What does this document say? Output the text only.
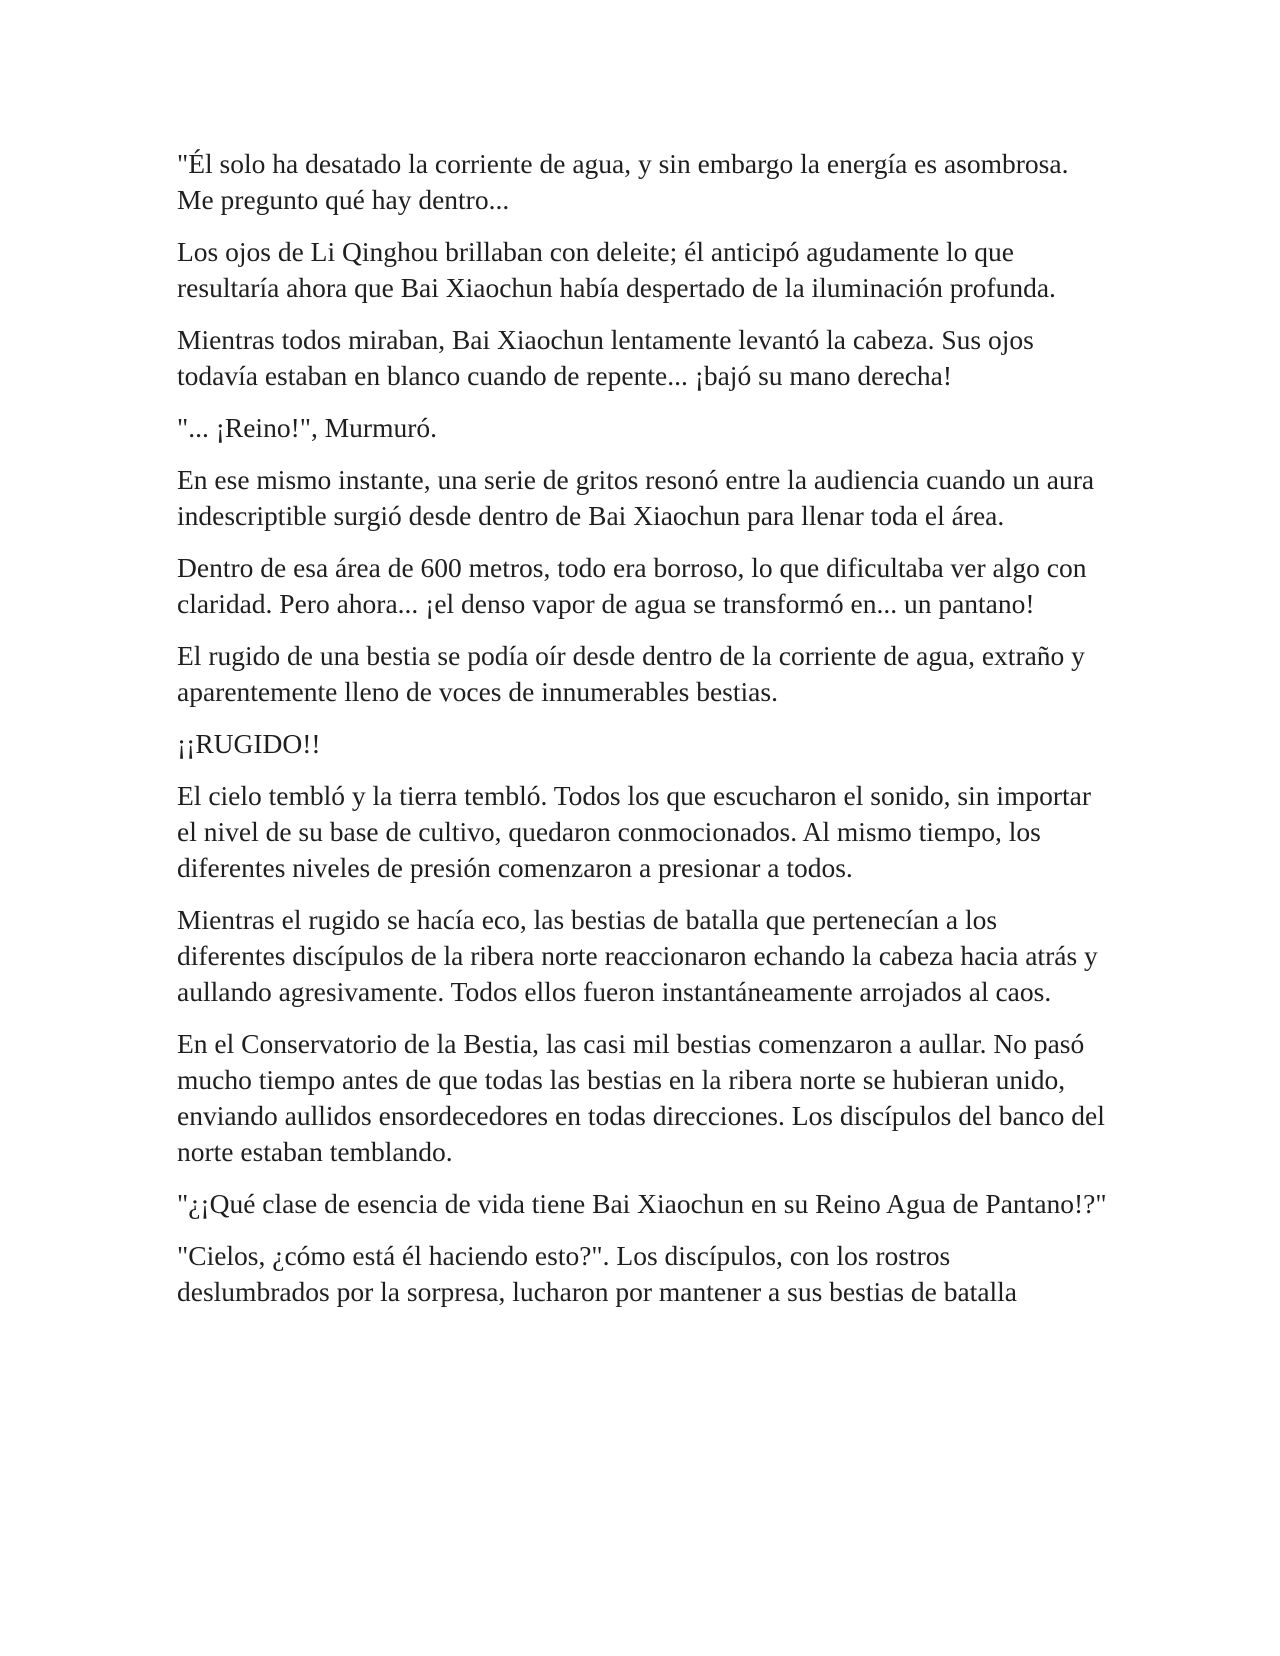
"Él solo ha desatado la corriente de agua, y sin embargo la energía es asombrosa. Me pregunto qué hay dentro...

Los ojos de Li Qinghou brillaban con deleite; él anticipó agudamente lo que resultaría ahora que Bai Xiaochun había despertado de la iluminación profunda.

Mientras todos miraban, Bai Xiaochun lentamente levantó la cabeza. Sus ojos todavía estaban en blanco cuando de repente... ¡bajó su mano derecha!

"... ¡Reino!", Murmuró.

En ese mismo instante, una serie de gritos resonó entre la audiencia cuando un aura indescriptible surgió desde dentro de Bai Xiaochun para llenar toda el área.

Dentro de esa área de 600 metros, todo era borroso, lo que dificultaba ver algo con claridad. Pero ahora... ¡el denso vapor de agua se transformó en... un pantano!

El rugido de una bestia se podía oír desde dentro de la corriente de agua, extraño y aparentemente lleno de voces de innumerables bestias.

¡¡RUGIDO!!

El cielo tembló y la tierra tembló. Todos los que escucharon el sonido, sin importar el nivel de su base de cultivo, quedaron conmocionados. Al mismo tiempo, los diferentes niveles de presión comenzaron a presionar a todos.

Mientras el rugido se hacía eco, las bestias de batalla que pertenecían a los diferentes discípulos de la ribera norte reaccionaron echando la cabeza hacia atrás y aullando agresivamente. Todos ellos fueron instantáneamente arrojados al caos.

En el Conservatorio de la Bestia, las casi mil bestias comenzaron a aullar. No pasó mucho tiempo antes de que todas las bestias en la ribera norte se hubieran unido, enviando aullidos ensordecedores en todas direcciones. Los discípulos del banco del norte estaban temblando.

"¿¡Qué clase de esencia de vida tiene Bai Xiaochun en su Reino Agua de Pantano!?"

"Cielos, ¿cómo está él haciendo esto?". Los discípulos, con los rostros deslumbrados por la sorpresa, lucharon por mantener a sus bestias de batalla
